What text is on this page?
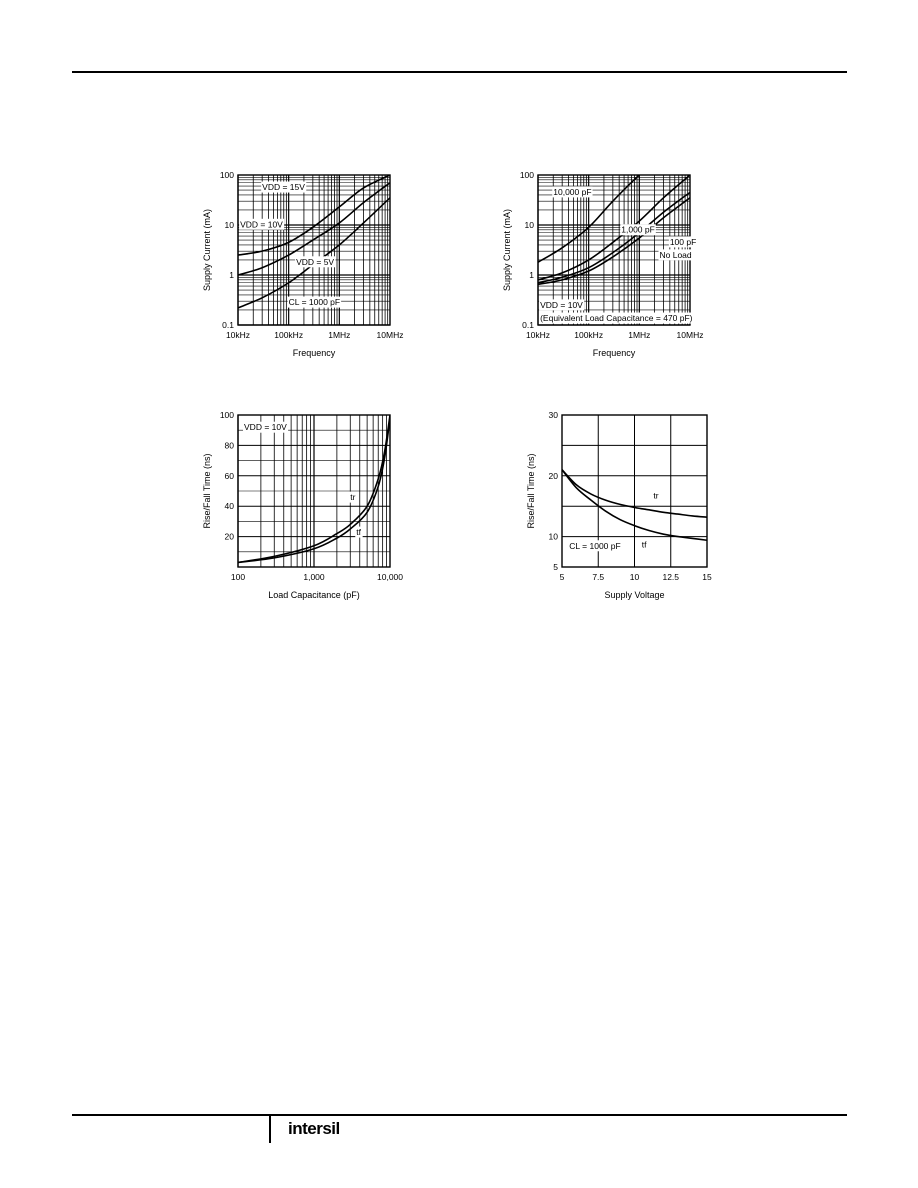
10kHz	100kHz	1MHz	10MHz
0.1
1
10
100
Frequency
Supply Current (mA)
VDD = 15V
VDD = 10V
VDD = 5V
CL = 1000 pF
10kHz	100kHz	1MHz	10MHz
0.1
1
10
100
Frequency
Supply Current (mA)
10,000 pF
1,000 pF
100 pF
No Load
VDD = 10V
(Equivalent Load Capacitance = 470 pF)
100	1,000	10,000
20
40
60
80
100
Load Capacitance (pF)
Rise/Fall Time (ns)
VDD = 10V
tr
tf
5	7.5	10	12.5	15
5
10
20
30
Supply Voltage
Rise/Fall Time (ns)	tr
tf
CL = 1000 pF
intersil
